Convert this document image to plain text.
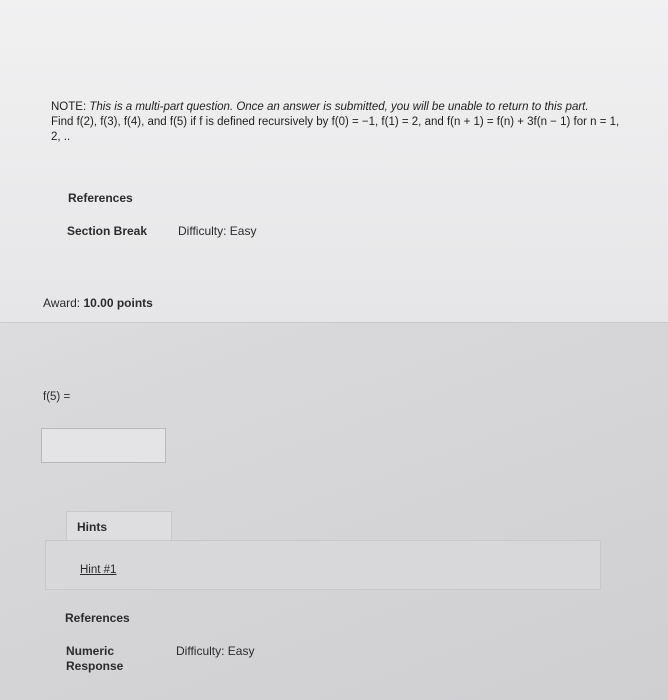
NOTE: This is a multi-part question. Once an answer is submitted, you will be unable to return to this part.
Find f(2), f(3), f(4), and f(5) if f is defined recursively by f(0) = −1, f(1) = 2, and f(n + 1) = f(n) + 3f(n − 1) for n = 1, 2, ..
References
Section Break	Difficulty: Easy
Award: 10.00 points
f(5) =
Hints
Hint #1
References
Numeric Response
Difficulty: Easy
